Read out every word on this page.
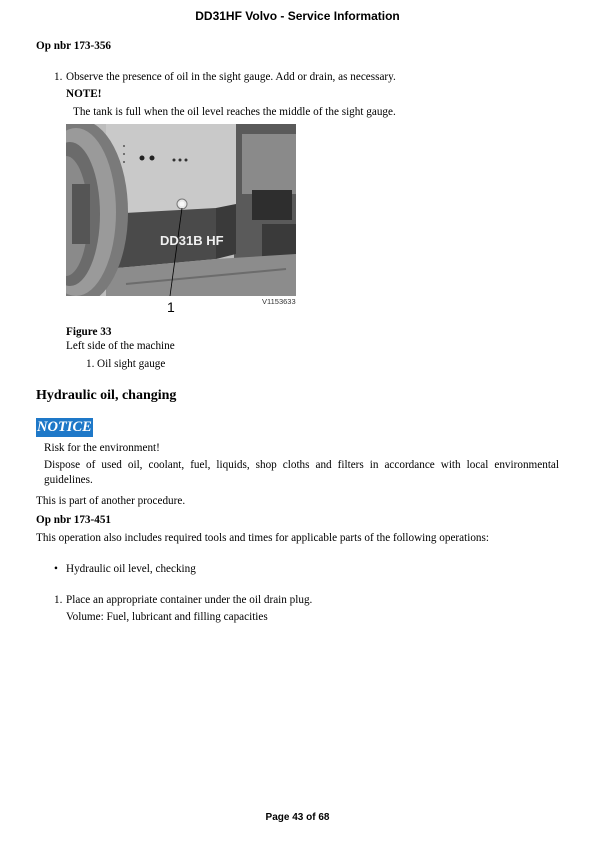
DD31HF Volvo - Service Information
Op nbr 173-356
1. Observe the presence of oil in the sight gauge. Add or drain, as necessary.
NOTE!
The tank is full when the oil level reaches the middle of the sight gauge.
DD31B HF
1	V1153633
Figure 33
Left side of the machine
1. Oil sight gauge
Hydraulic oil, changing
NOTICE
Risk for the environment!
Dispose of used oil, coolant, fuel, liquids, shop cloths and filters in accordance with local environmental guidelines.
This is part of another procedure.
Op nbr 173-451
This operation also includes required tools and times for applicable parts of the following operations:
• Hydraulic oil level, checking
1. Place an appropriate container under the oil drain plug.
Volume: Fuel, lubricant and filling capacities
Page 43 of 68
